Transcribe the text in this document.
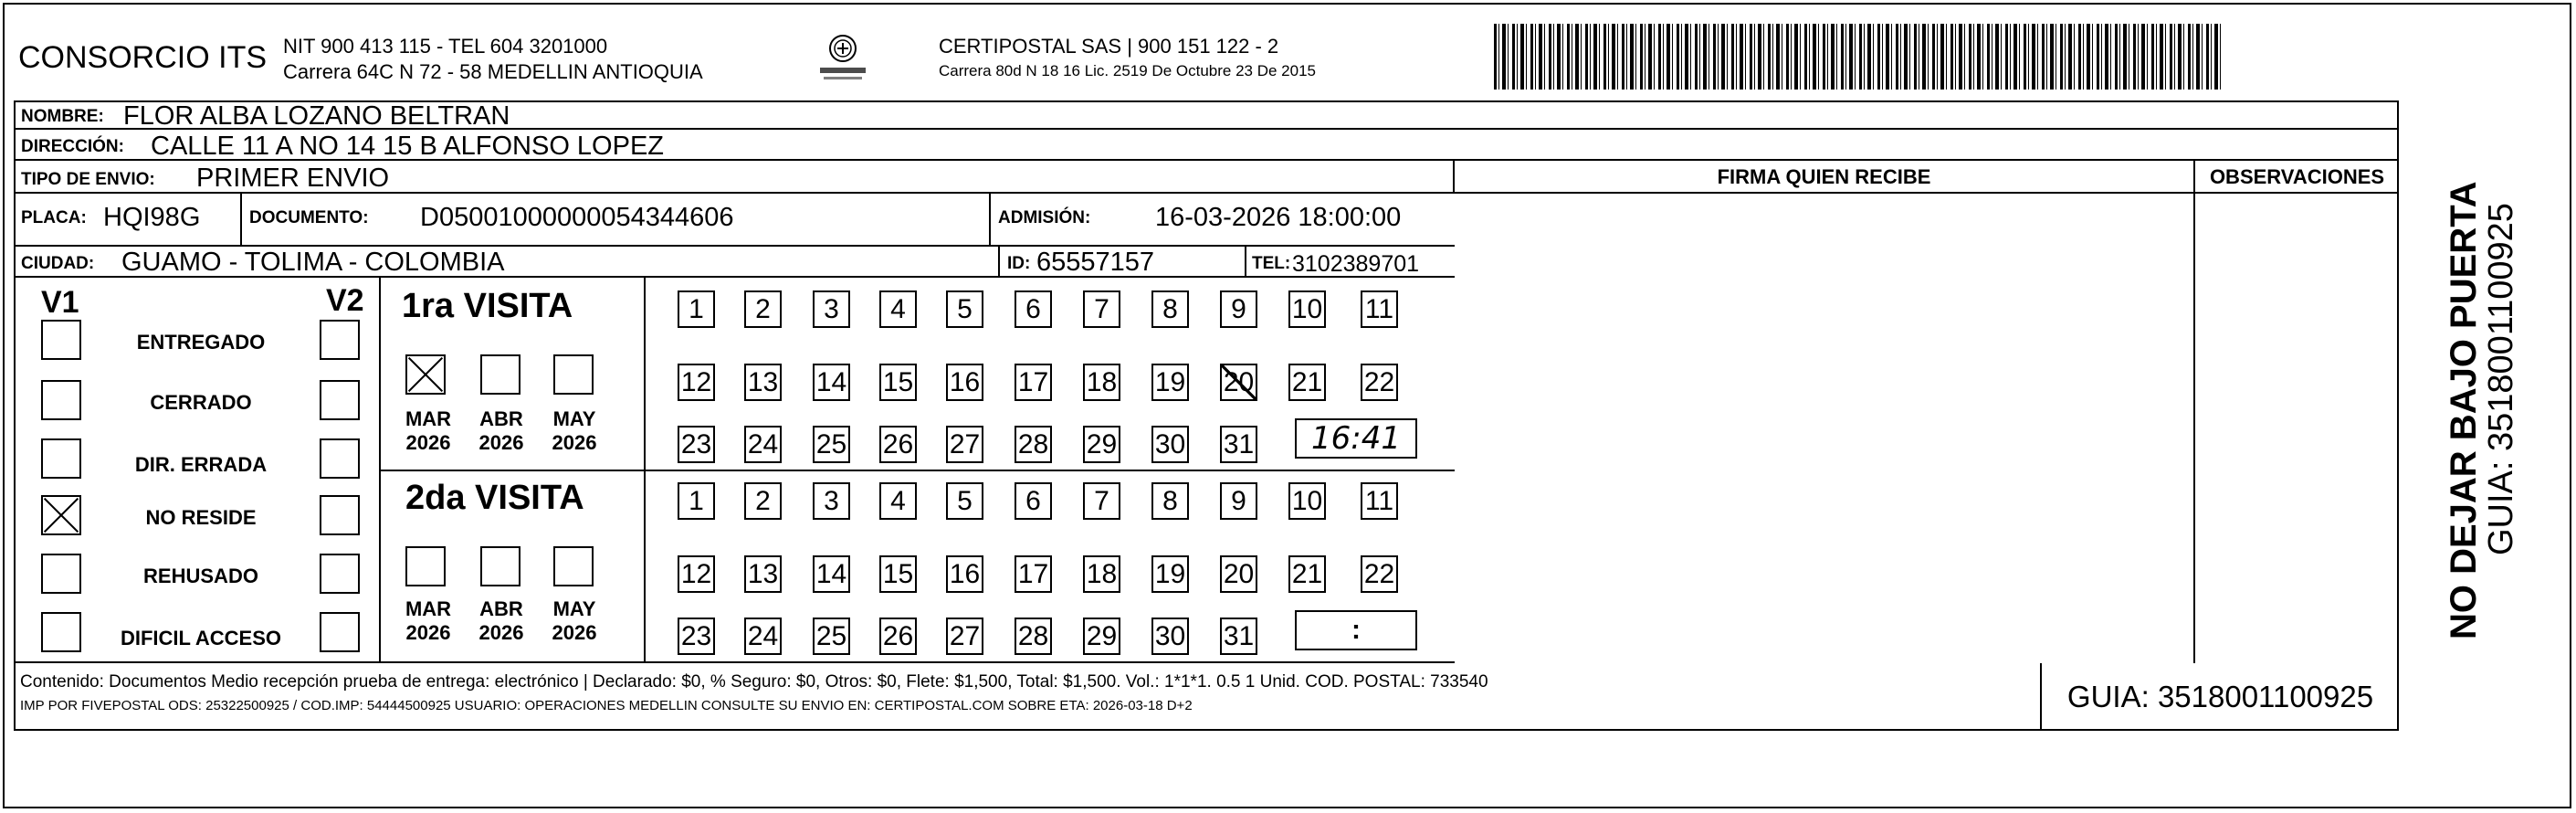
CONSORCIO ITS NIT 900 413 115 - TEL 604 3201000
Carrera 64C N 72 - 58 MEDELLIN ANTIOQUIA
CERTIPOSTAL SAS | 900 151 122 - 2
Carrera 80d N 18 16 Lic. 2519 De Octubre 23 De 2015
NOMBRE: FLOR ALBA LOZANO BELTRAN
DIRECCIÓN: CALLE 11 A NO 14 15 B ALFONSO LOPEZ
TIPO DE ENVIO: PRIMER ENVIO
PLACA: HQI98G	DOCUMENTO: D05001000000054344606	ADMISIÓN: 16-03-2026 18:00:00
CIUDAD: GUAMO - TOLIMA - COLOMBIA	ID: 65557157	TEL: 3102389701
FIRMA QUIEN RECIBE	OBSERVACIONES
V1	V2
ENTREGADO
CERRADO
DIR. ERRADA
NO RESIDE
REHUSADO
DIFICIL ACCESO
1ra VISITA
MAR
2026
ABR
2026
MAY
2026
2da VISITA
MAR
2026
ABR
2026
MAY
2026
1	2	3	4	5	6	7	8	9	10 11
12 13 14 15 16 17 18 19 20 21 22
23 24 25 26 27 28 29 30 31
1	2	3	4	5	6	7	8	9	10 11
12 13 14 15 16 17 18 19 20 21 22
23 24 25 26 27 28 29 30 31
16:41
:
Contenido: Documentos Medio recepción prueba de entrega: electrónico | Declarado: $0, % Seguro: $0, Otros: $0, Flete: $1,500, Total: $1,500. Vol.: 1*1*1. 0.5 1 Unid. COD. POSTAL: 733540
IMP POR FIVEPOSTAL ODS: 25322500925 / COD.IMP: 54444500925 USUARIO: OPERACIONES MEDELLIN CONSULTE SU ENVIO EN: CERTIPOSTAL.COM SOBRE ETA: 2026-03-18 D+2	GUIA: 3518001100925
NO DEJAR BAJO PUERTA
GUIA: 3518001100925
